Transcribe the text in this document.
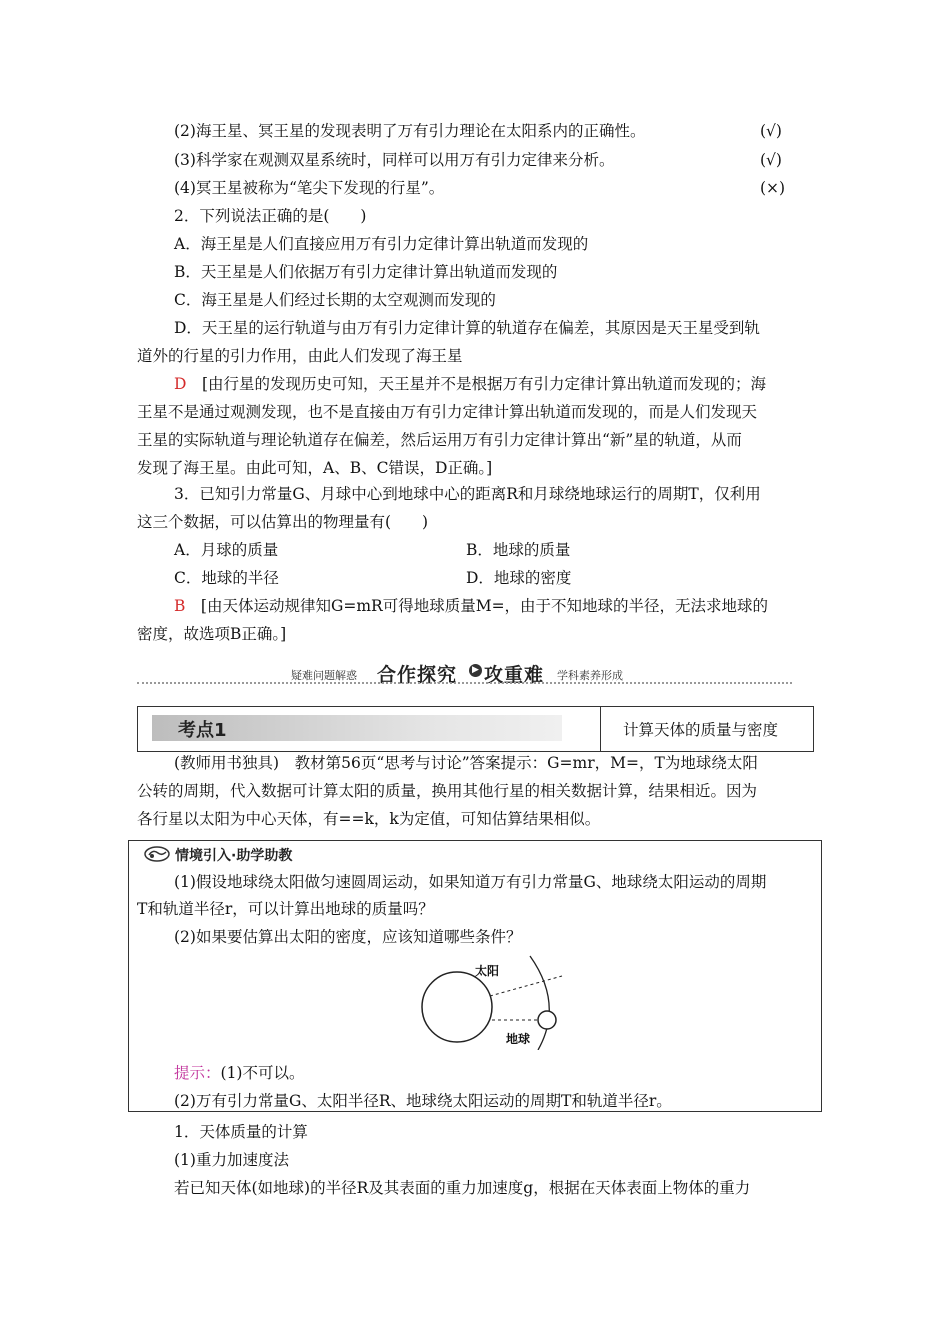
(2)海王星、冥王星的发现表明了万有引力理论在太阳系内的正确性。	(√)
(3)科学家在观测双星系统时，同样可以用万有引力定律来分析。	(√)
(4)冥王星被称为“笔尖下发现的行星”。	(×)
2．下列说法正确的是(　　)
A．海王星是人们直接应用万有引力定律计算出轨道而发现的
B．天王星是人们依据万有引力定律计算出轨道而发现的
C．海王星是人们经过长期的太空观测而发现的
D．天王星的运行轨道与由万有引力定律计算的轨道存在偏差，其原因是天王星受到轨
道外的行星的引力作用，由此人们发现了海王星
D　 [由行星的发现历史可知，天王星并不是根据万有引力定律计算出轨道而发现的；海
王星不是通过观测发现，也不是直接由万有引力定律计算出轨道而发现的，而是人们发现天
王星的实际轨道与理论轨道存在偏差，然后运用万有引力定律计算出“新”星的轨道，从而
发现了海王星。由此可知，A、B、C错误，D正确。]
3．已知引力常量G、月球中心到地球中心的距离R和月球绕地球运行的周期T，仅利用
这三个数据，可以估算出的物理量有(　　)
A．月球的质量	B．地球的质量
C．地球的半径	D．地球的密度
B　 [由天体运动规律知G=mR可得地球质量M=，由于不知地球的半径，无法求地球的
密度，故选项B正确。]
疑难问题解惑 合作探究	▶ 攻重难 学科素养形成
考点1	计算天体的质量与密度
(教师用书独具)　教材第56页“思考与讨论”答案提示：G=mr，M=，T为地球绕太阳
公转的周期，代入数据可计算太阳的质量，换用其他行星的相关数据计算，结果相近。因为
各行星以太阳为中心天体，有==k，k为定值，可知估算结果相似。
情境引入·助学助教
(1)假设地球绕太阳做匀速圆周运动，如果知道万有引力常量G、地球绕太阳运动的周期
T和轨道半径r，可以计算出地球的质量吗？
(2)如果要估算出太阳的密度，应该知道哪些条件？
太阳
地球
提示：(1)不可以。
(2)万有引力常量G、太阳半径R、地球绕太阳运动的周期T和轨道半径r。
1．天体质量的计算
(1)重力加速度法
若已知天体(如地球)的半径R及其表面的重力加速度g，根据在天体表面上物体的重力
